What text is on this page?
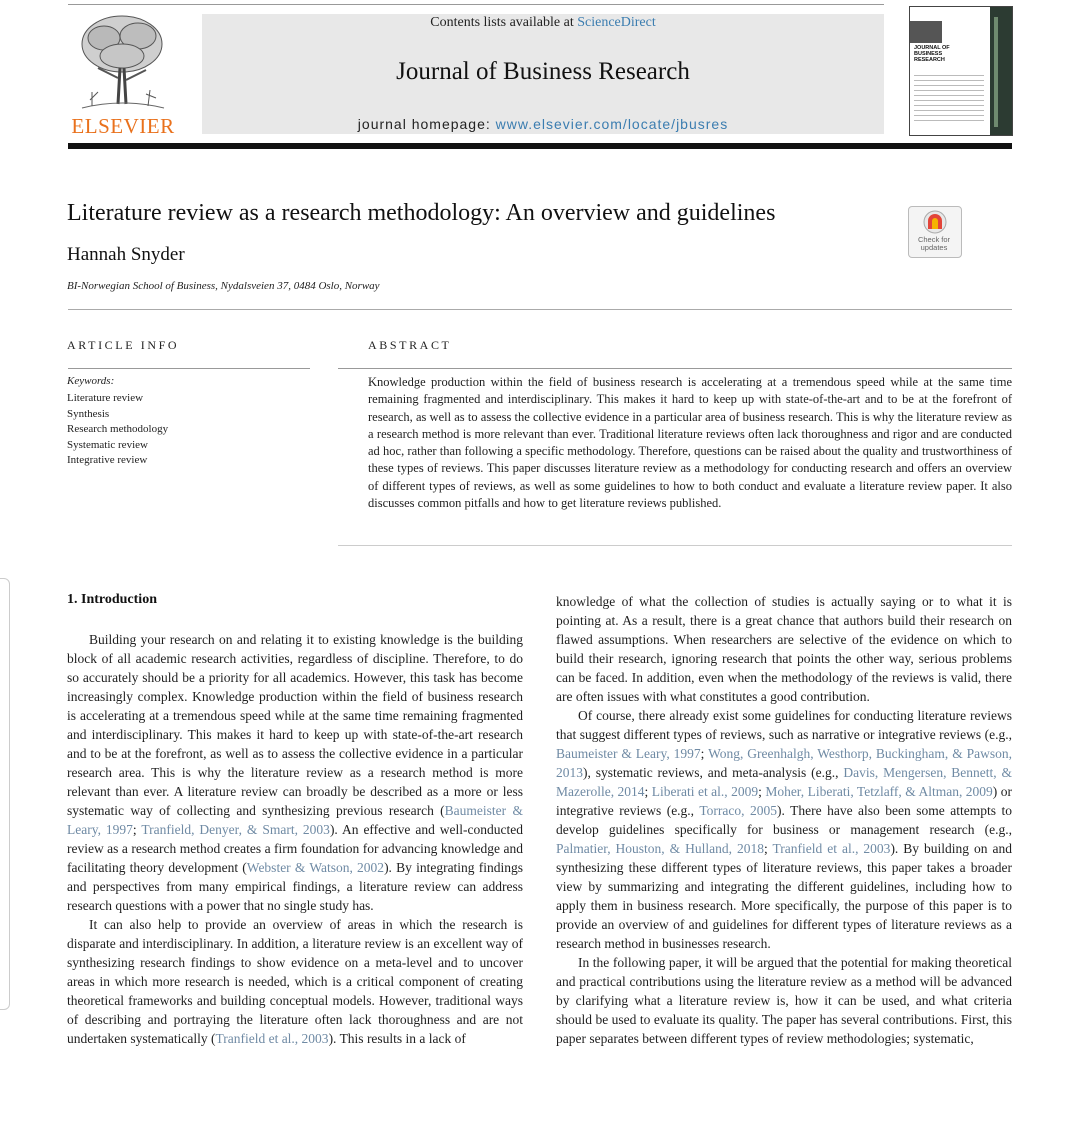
ELSEVIER
Contents lists available at ScienceDirect
Journal of Business Research
journal homepage: www.elsevier.com/locate/jbusres
JOURNAL OF
BUSINESS
RESEARCH
Literature review as a research methodology: An overview and guidelines
Hannah Snyder
BI-Norwegian School of Business, Nydalsveien 37, 0484 Oslo, Norway
Check for updates
ARTICLE INFO	ABSTRACT
Keywords:
Literature review
Synthesis
Research methodology
Systematic review
Integrative review
Knowledge production within the field of business research is accelerating at a tremendous speed while at the same time remaining fragmented and interdisciplinary. This makes it hard to keep up with state-of-the-art and to be at the forefront of research, as well as to assess the collective evidence in a particular area of business research. This is why the literature review as a research method is more relevant than ever. Traditional literature reviews often lack thoroughness and rigor and are conducted ad hoc, rather than following a specific methodology. Therefore, questions can be raised about the quality and trustworthiness of these types of reviews. This paper discusses literature review as a methodology for conducting research and offers an overview of different types of reviews, as well as some guidelines to how to both conduct and evaluate a literature review paper. It also discusses common pitfalls and how to get literature reviews published.
1. Introduction

Building your research on and relating it to existing knowledge is the building block of all academic research activities, regardless of discipline. Therefore, to do so accurately should be a priority for all academics. However, this task has become increasingly complex. Knowledge production within the field of business research is accelerating at a tremendous speed while at the same time remaining fragmented and interdisciplinary. This makes it hard to keep up with state-of-the-art research and to be at the forefront, as well as to assess the collective evidence in a particular research area. This is why the literature review as a research method is more relevant than ever. A literature review can broadly be described as a more or less systematic way of collecting and synthesizing previous research (Baumeister & Leary, 1997; Tranfield, Denyer, & Smart, 2003). An effective and well-conducted review as a research method creates a firm foundation for advancing knowledge and facilitating theory development (Webster & Watson, 2002). By integrating findings and perspectives from many empirical findings, a literature review can address research questions with a power that no single study has.

It can also help to provide an overview of areas in which the research is disparate and interdisciplinary. In addition, a literature review is an excellent way of synthesizing research findings to show evidence on a meta-level and to uncover areas in which more research is needed, which is a critical component of creating theoretical frameworks and building conceptual models. However, traditional ways of describing and portraying the literature often lack thoroughness and are not undertaken systematically (Tranfield et al., 2003). This results in a lack of

knowledge of what the collection of studies is actually saying or to what it is pointing at. As a result, there is a great chance that authors build their research on flawed assumptions. When researchers are selective of the evidence on which to build their research, ignoring research that points the other way, serious problems can be faced. In addition, even when the methodology of the reviews is valid, there are often issues with what constitutes a good contribution.

Of course, there already exist some guidelines for conducting literature reviews that suggest different types of reviews, such as narrative or integrative reviews (e.g., Baumeister & Leary, 1997; Wong, Greenhalgh, Westhorp, Buckingham, & Pawson, 2013), systematic reviews, and meta-analysis (e.g., Davis, Mengersen, Bennett, & Mazerolle, 2014; Liberati et al., 2009; Moher, Liberati, Tetzlaff, & Altman, 2009) or integrative reviews (e.g., Torraco, 2005). There have also been some attempts to develop guidelines specifically for business or management research (e.g., Palmatier, Houston, & Hulland, 2018; Tranfield et al., 2003). By building on and synthesizing these different types of literature reviews, this paper takes a broader view by summarizing and integrating the different guidelines, including how to apply them in business research. More specifically, the purpose of this paper is to provide an overview of and guidelines for different types of literature reviews as a research method in businesses research.

In the following paper, it will be argued that the potential for making theoretical and practical contributions using the literature review as a method will be advanced by clarifying what a literature review is, how it can be used, and what criteria should be used to evaluate its quality. The paper has several contributions. First, this paper separates between different types of review methodologies; systematic,
